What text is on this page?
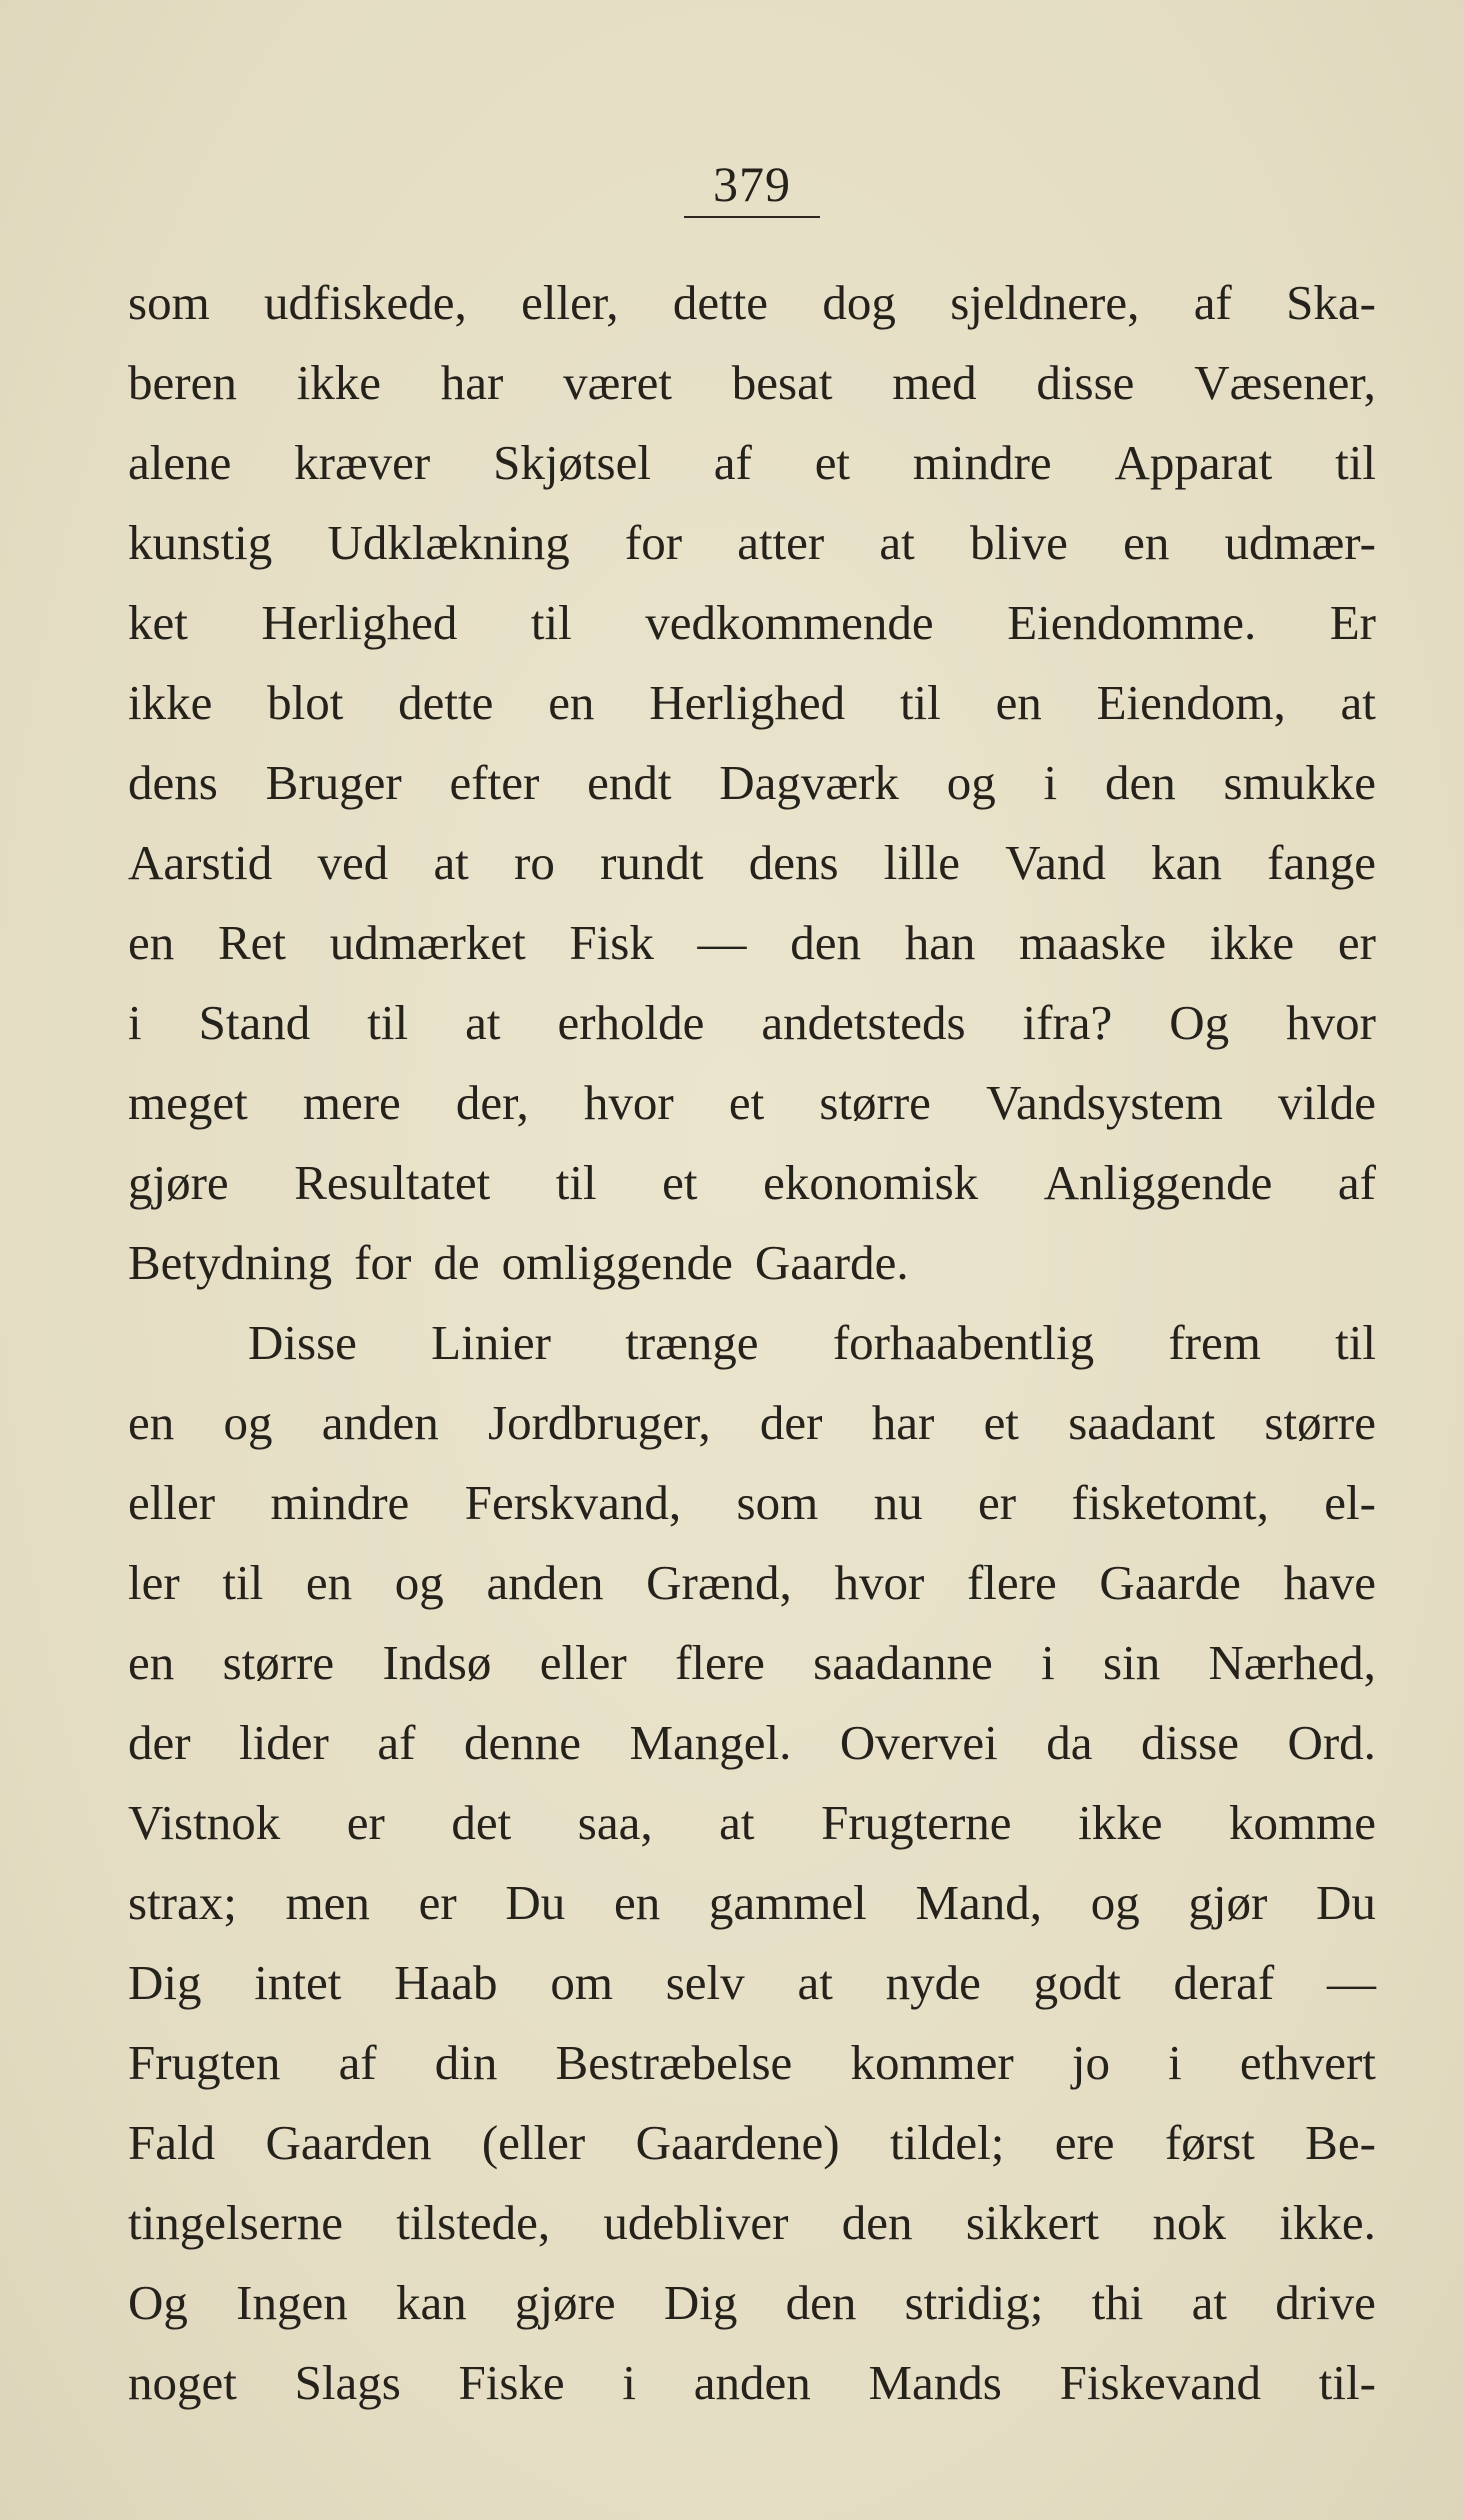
379
som udfiskede, eller, dette dog sjeldnere, af Ska-
beren ikke har været besat med disse Væsener,
alene kræver Skjøtsel af et mindre Apparat til
kunstig Udklækning for atter at blive en udmær-
ket Herlighed til vedkommende Eiendomme. Er
ikke blot dette en Herlighed til en Eiendom, at
dens Bruger efter endt Dagværk og i den smukke
Aarstid ved at ro rundt dens lille Vand kan fange
en Ret udmærket Fisk — den han maaske ikke er
i Stand til at erholde andetsteds ifra? Og hvor
meget mere der, hvor et større Vandsystem vilde
gjøre Resultatet til et ekonomisk Anliggende af
Betydning for de omliggende Gaarde.
Disse Linier trænge forhaabentlig frem til
en og anden Jordbruger, der har et saadant større
eller mindre Ferskvand, som nu er fisketomt, el-
ler til en og anden Grænd, hvor flere Gaarde have
en større Indsø eller flere saadanne i sin Nærhed,
der lider af denne Mangel. Overvei da disse Ord.
Vistnok er det saa, at Frugterne ikke komme
strax; men er Du en gammel Mand, og gjør Du
Dig intet Haab om selv at nyde godt deraf —
Frugten af din Bestræbelse kommer jo i ethvert
Fald Gaarden (eller Gaardene) tildel; ere først Be-
tingelserne tilstede, udebliver den sikkert nok ikke.
Og Ingen kan gjøre Dig den stridig; thi at drive
noget Slags Fiske i anden Mands Fiskevand til-
